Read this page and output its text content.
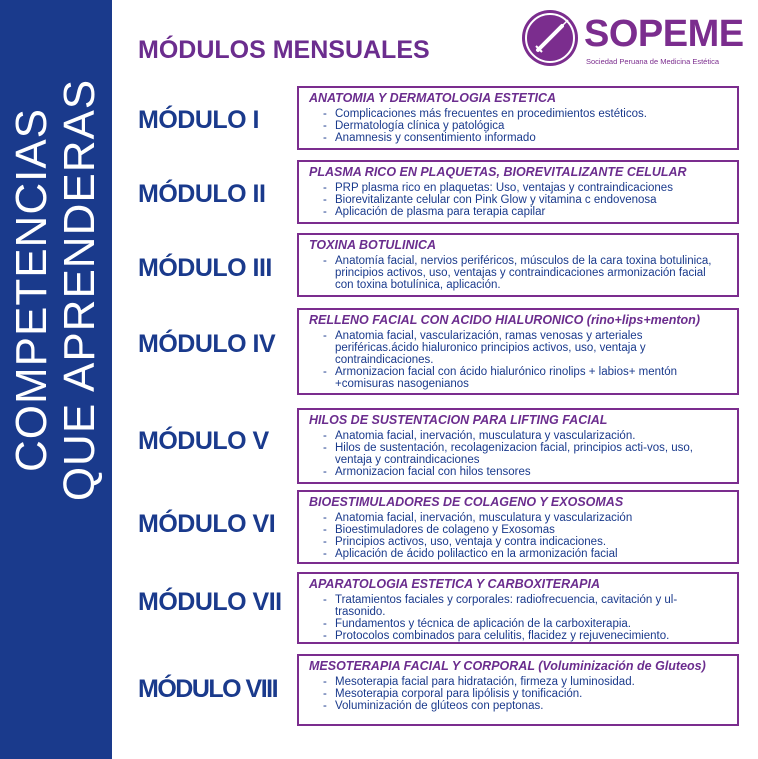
COMPETENCIAS QUE APRENDERAS
SOPEME
Sociedad Peruana de Medicina Estética
MÓDULOS MENSUALES
MÓDULO I
ANATOMIA Y DERMATOLOGIA ESTETICA
- Complicaciones más frecuentes en procedimientos estéticos.
- Dermatología clínica y patológica
- Anamnesis y consentimiento informado
MÓDULO II
PLASMA RICO EN PLAQUETAS, BIOREVITALIZANTE CELULAR
- PRP plasma rico en plaquetas: Uso, ventajas y contraindicaciones
- Biorevitalizante celular con Pink Glow y vitamina c endovenosa
- Aplicación de plasma para terapia capilar
MÓDULO III
TOXINA BOTULINICA
- Anatomía facial, nervios periféricos, músculos de la cara toxina botulinica, principios activos, uso, ventajas y contraindicaciones armonización facial con toxina botulínica, aplicación.
MÓDULO IV
RELLENO FACIAL CON ACIDO HIALURONICO (rino+lips+menton)
- Anatomia facial, vascularización, ramas venosas y arteriales periféricas.ácido hialuronico principios activos, uso, ventaja y contraindicaciones.
- Armonizacion facial con ácido hialurónico rinolips + labios+ mentón +comisuras nasogenianos
MÓDULO V
HILOS DE SUSTENTACION PARA LIFTING FACIAL
- Anatomia facial, inervación, musculatura y vascularización.
- Hilos de sustentación, recolagenizacion facial, principios acti-vos, uso, ventaja y contraindicaciones
- Armonizacion facial con hilos tensores
MÓDULO VI
BIOESTIMULADORES DE COLAGENO Y EXOSOMAS
- Anatomia facial, inervación, musculatura y vascularización
- Bioestimuladores de colageno y Exosomas
- Principios activos, uso, ventaja y contra indicaciones.
- Aplicación de ácido polilactico en la armonización facial
MÓDULO VII
APARATOLOGIA ESTETICA Y CARBOXITERAPIA
- Tratamientos faciales y corporales: radiofrecuencia, cavitación y ul-trasonido.
- Fundamentos y técnica de aplicación de la carboxiterapia.
- Protocolos combinados para celulitis, flacidez y rejuvenecimiento.
MÓDULO VIII
MESOTERAPIA FACIAL Y CORPORAL (Voluminización de Gluteos)
- Mesoterapia facial para hidratación, firmeza y luminosidad.
- Mesoterapia corporal para lipólisis y tonificación.
- Voluminización de glúteos con peptonas.
